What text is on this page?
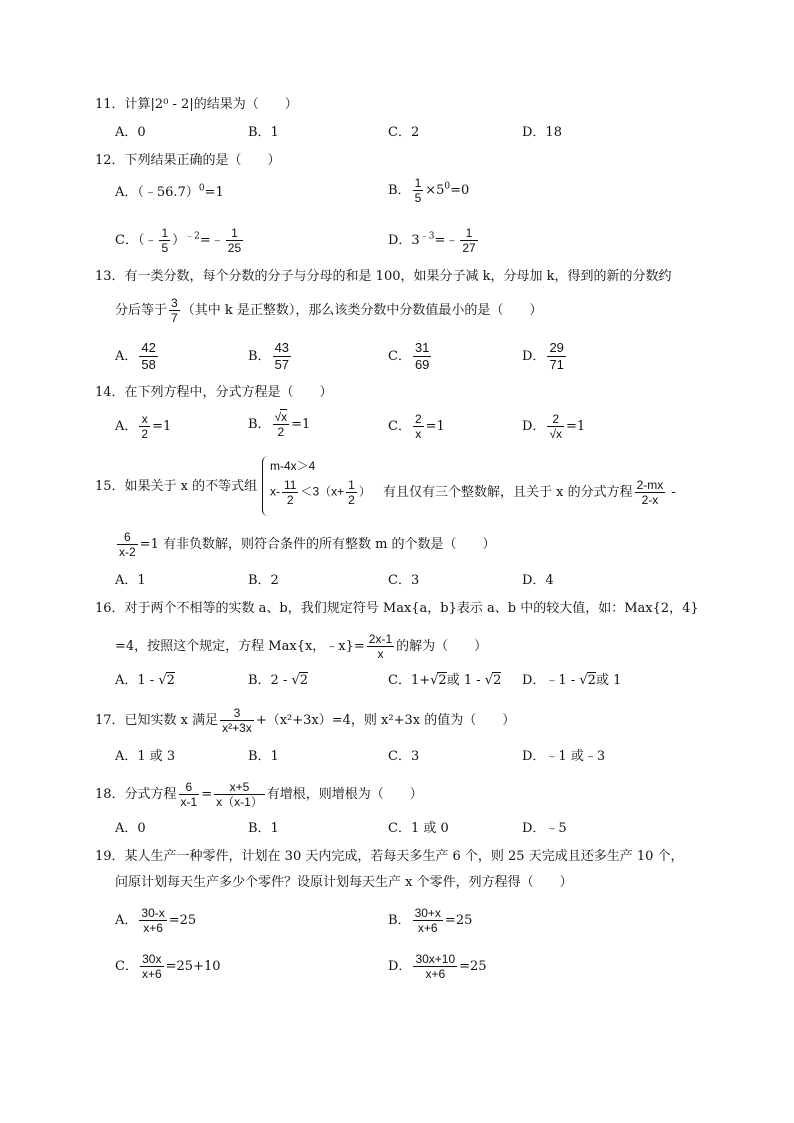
11．计算|2⁰ - 2|的结果为（　　）
A．0	B．1	C．2	D．18
12．下列结果正确的是（　　）
A．（﹣56.7）$^0$=1	B． $\frac{1}{5} \times 5^0=0$
C．（﹣ $\frac{1}{5}$ ）$^{﹣2}$=﹣ $\frac{1}{25}$	D．$3^{﹣3}=﹣ \frac{1}{27}$
13．有一类分数，每个分数的分子与分母的和是 100，如果分子减 k，分母加 k，得到的新的分数约
分后等于 $\frac{3}{7}$ （其中 k 是正整数），那么该类分数中分数值最小的是（　　）
A． $\frac{42}{58}$	B． $\frac{43}{57}$	C． $\frac{31}{69}$	D． $\frac{29}{71}$
14．在下列方程中，分式方程是（　　）
A． $\frac{x}{2} =1$	B． $\frac{√x}{2} =1$	C． $\frac{2}{x} =1$	D． $\frac{2}{√x} =1$
15．如果关于 x 的不等式组
m-4x＞4
$x- \frac{11}{2} <3(x+ \frac{1}{2}$ ） 有且仅有三个整数解，且关于 x 的分式方程 $\frac{2-mx}{2-x}$ -
$\frac{6}{x-2} =1$ 有非负数解，则符合条件的所有整数 m 的个数是（　　）
A．1	B．2	C．3	D．4
16．对于两个不相等的实数 a、b，我们规定符号 Max{a，b}表示 a、b 中的较大值，如：Max{2，4}
=4，按照这个规定，方程 Max{x，﹣x}= $\frac{2x-1}{x}$ 的解为（　　）
A．1 - √2	B．2 - √2	C．1+√2或 1 - √2 D．﹣1 - √2或 1
17．已知实数 x 满足 $\frac{3}{\text{x²+3x}} +(x^2+3x)=4$，则 x²+3x 的值为（　　）
A．1 或 3	B．1	C．3	D．﹣1 或﹣3
18．分式方程 $\frac{6}{x-1} = \frac{x+5}{x(x-1)}$ 有增根，则增根为（　　）
A．0	B．1	C．1 或 0	D．﹣5
19．某人生产一种零件，计划在 30 天内完成，若每天多生产 6 个，则 25 天完成且还多生产 10 个，
问原计划每天生产多少个零件？设原计划每天生产 x 个零件，列方程得（　　）
A． $\frac{30-x}{x+6} =25$	B． $\frac{30+x}{x+6} =25$
C． $\frac{30x}{x+6} =25+10$	D． $\frac{30x+10}{x+6} =25$
